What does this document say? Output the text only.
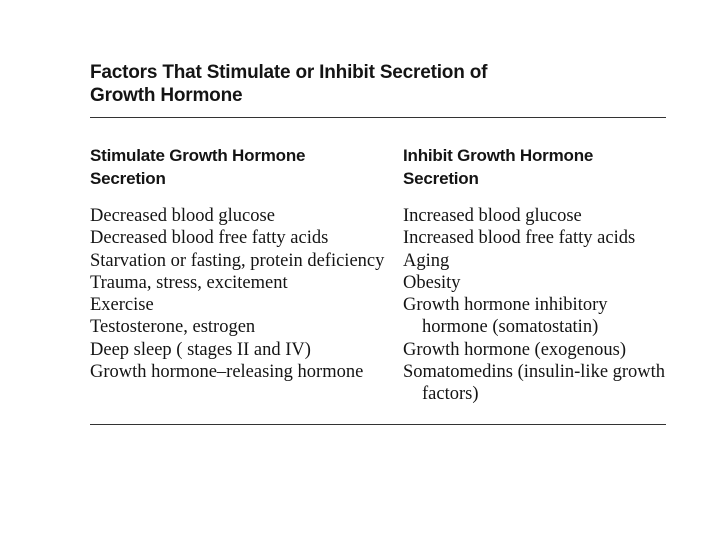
Factors That Stimulate or Inhibit Secretion of
Growth Hormone
Stimulate Growth Hormone
Secretion
Decreased blood glucose
Decreased blood free fatty acids
Starvation or fasting, protein deficiency
Trauma, stress, excitement
Exercise
Testosterone, estrogen
Deep sleep ( stages II and IV)
Growth hormone–releasing hormone
Inhibit Growth Hormone
Secretion
Increased blood glucose
Increased blood free fatty acids
Aging
Obesity
Growth hormone inhibitory hormone (somatostatin)
Growth hormone (exogenous)
Somatomedins (insulin-like growth factors)
